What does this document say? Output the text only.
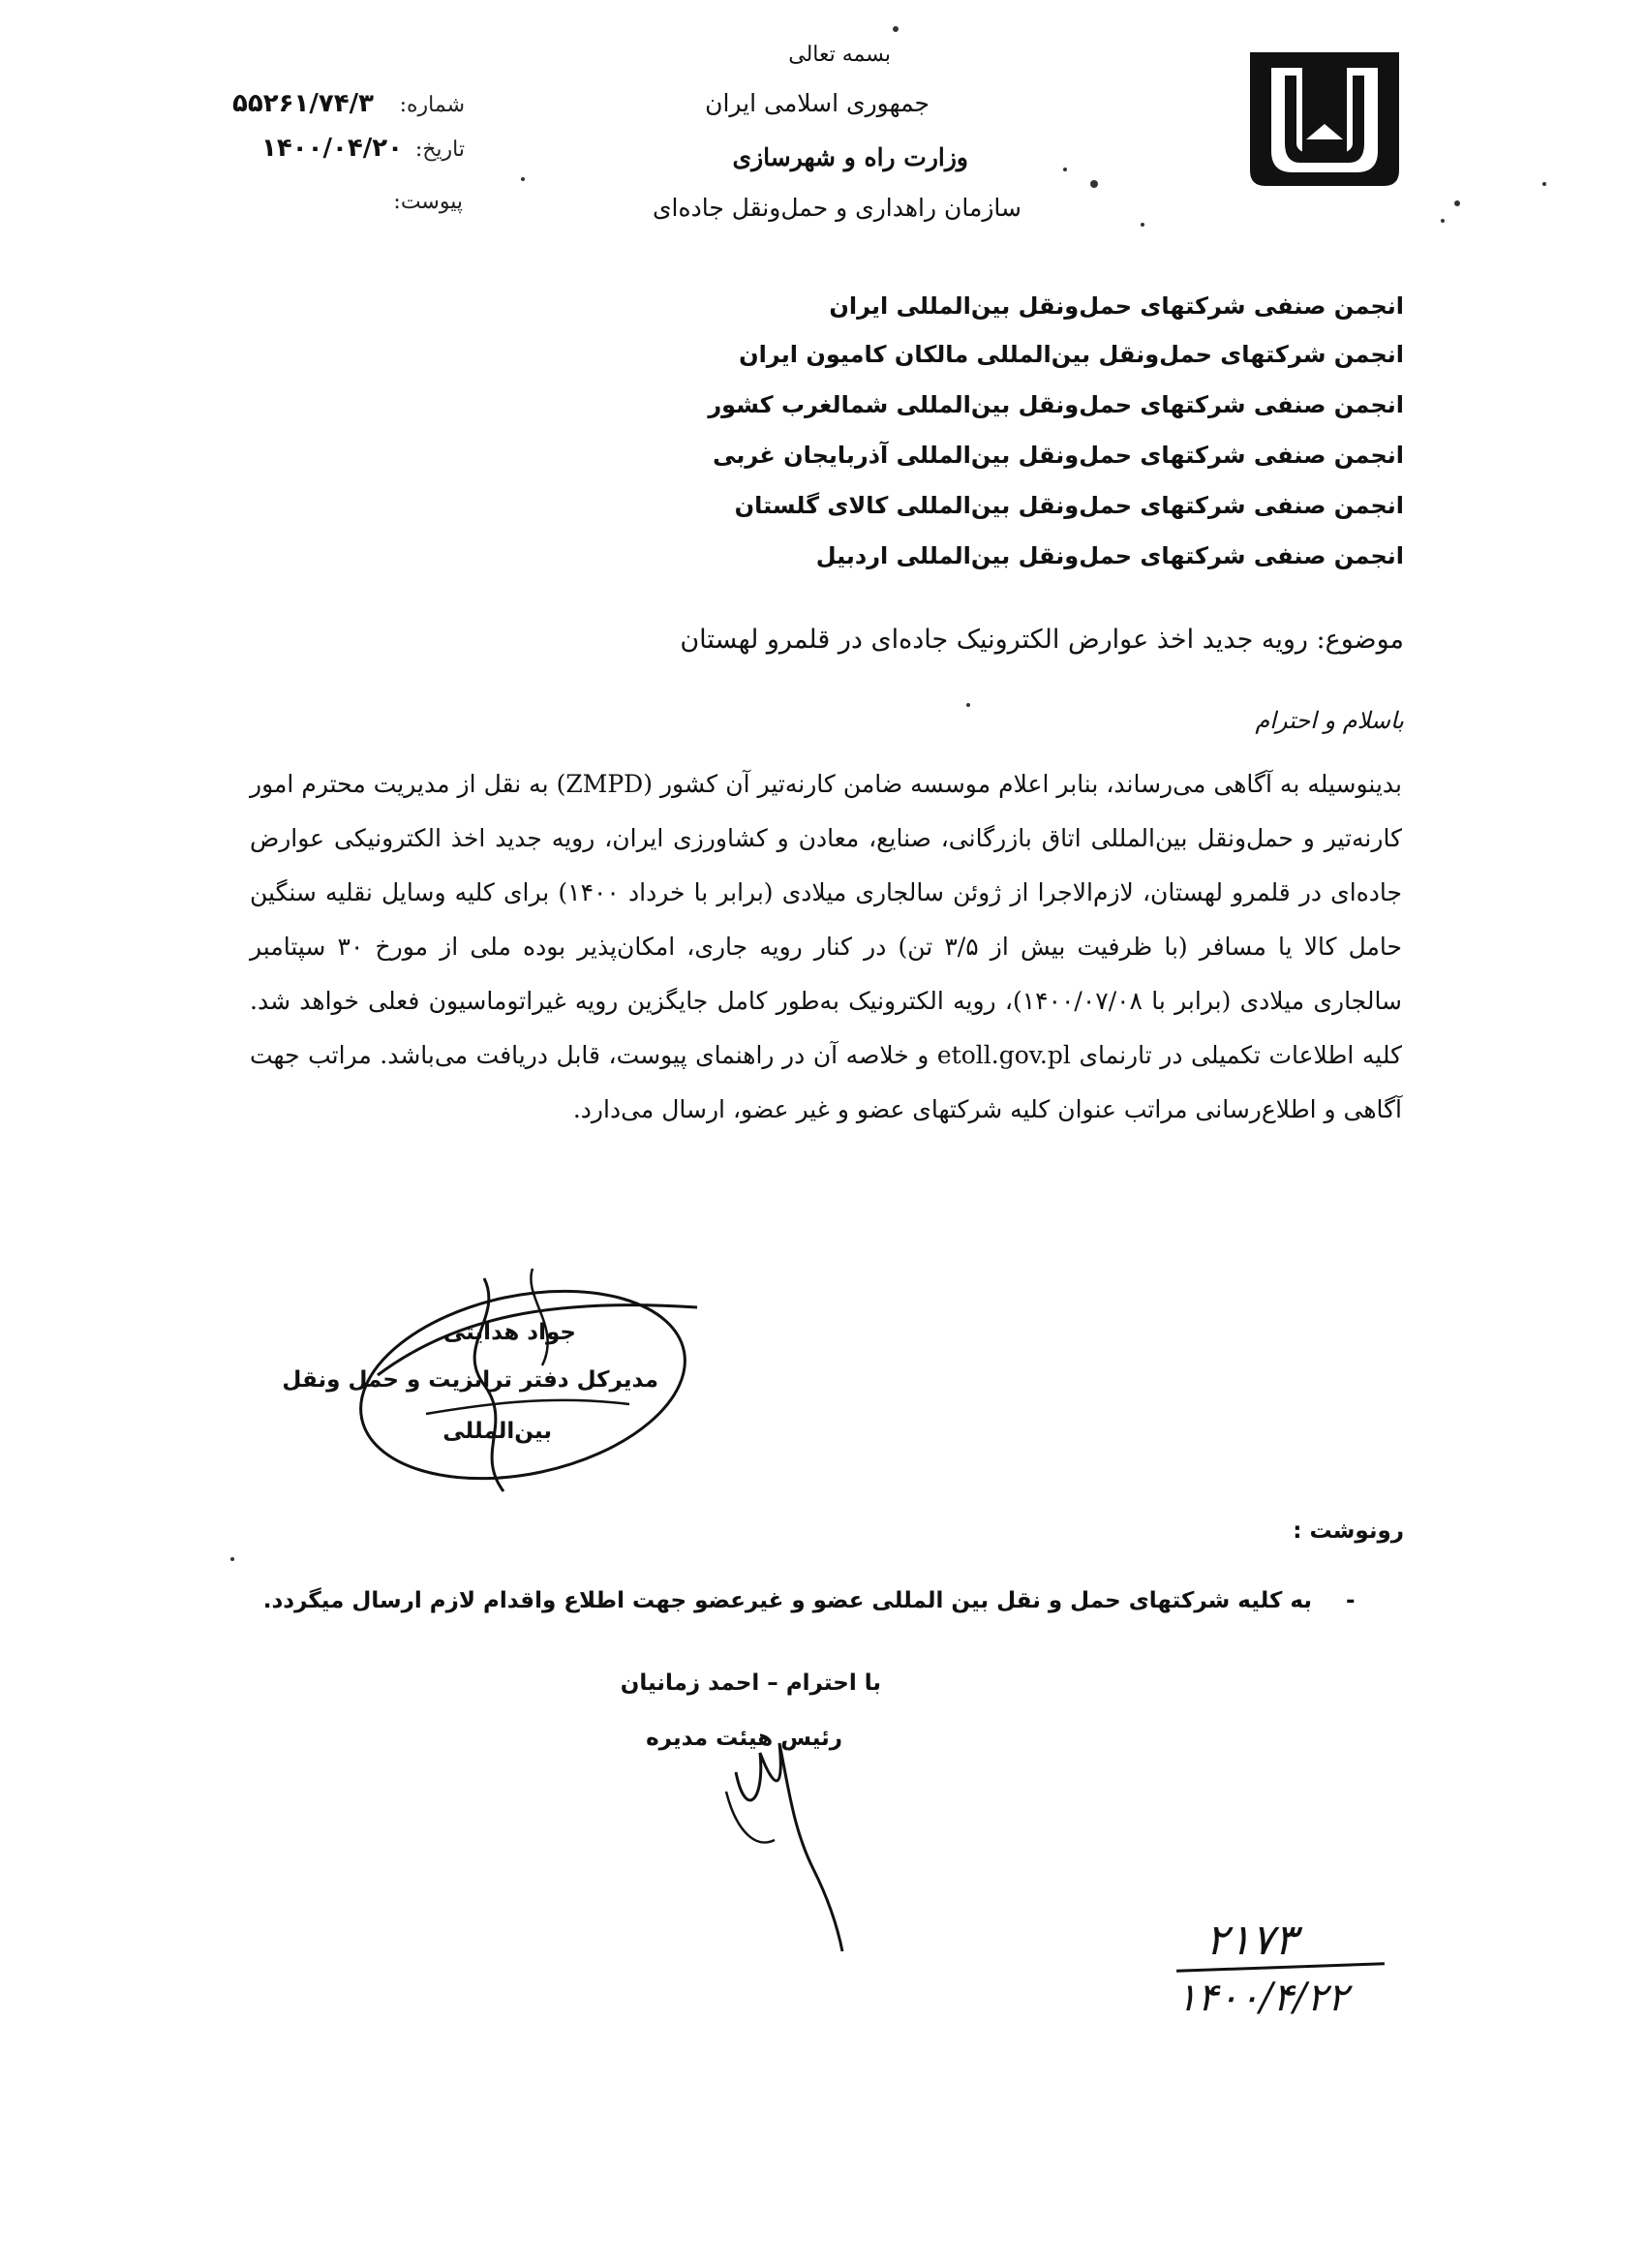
بسمه تعالی
جمهوری اسلامی ایران
وزارت راه و شهرسازی
سازمان راهداری و حمل‌ونقل جاده‌ای
شماره:
۵۵۲۶۱/۷۴/۳
تاریخ:
۱۴۰۰/۰۴/۲۰
پیوست:
انجمن صنفی شرکتهای حمل‌ونقل بین‌المللی ایران
انجمن شرکتهای حمل‌ونقل بین‌المللی مالکان کامیون ایران
انجمن صنفی شرکتهای حمل‌ونقل بین‌المللی شمالغرب کشور
انجمن صنفی شرکتهای حمل‌ونقل بین‌المللی آذربایجان غربی
انجمن صنفی شرکتهای حمل‌ونقل بین‌المللی کالای گلستان
انجمن صنفی شرکتهای حمل‌ونقل بین‌المللی اردبیل
موضوع: رویه جدید اخذ عوارض الکترونیک جاده‌ای در قلمرو لهستان
باسلام و احترام
بدینوسیله به آگاهی می‌رساند، بنابر اعلام موسسه ضامن کارنه‌تیر آن کشور (ZMPD) به نقل از مدیریت محترم امور کارنه‌تیر و حمل‌ونقل بین‌المللی اتاق بازرگانی، صنایع، معادن و کشاورزی ایران، رویه جدید اخذ الکترونیکی عوارض جاده‌ای در قلمرو لهستان، لازم‌الاجرا از ژوئن سالجاری میلادی (برابر با خرداد ۱۴۰۰) برای کلیه وسایل نقلیه سنگین حامل کالا یا مسافر (با ظرفیت بیش از ۳/۵ تن) در کنار رویه جاری، امکان‌پذیر بوده ملی از مورخ ۳۰ سپتامبر سالجاری میلادی (برابر با ۱۴۰۰/۰۷/۰۸)، رویه الکترونیک به‌طور کامل جایگزین رویه غیراتوماسیون فعلی خواهد شد. کلیه اطلاعات تکمیلی در تارنمای etoll.gov.pl و خلاصه آن در راهنمای پیوست، قابل دریافت می‌باشد. مراتب جهت آگاهی و اطلاع‌رسانی مراتب عنوان کلیه شرکتهای عضو و غیر عضو، ارسال می‌دارد.
جواد هدایتی
مدیرکل دفتر ترانزیت و حمل ونقل
بین‌المللی
رونوشت :
-
به کلیه شرکتهای حمل و نقل بین المللی عضو و غیرعضو جهت اطلاع واقدام لازم ارسال میگردد.
با احترام – احمد زمانیان
رئیس هیئت مدیره
۲۱۷۳
۱۴۰۰/۴/۲۲
